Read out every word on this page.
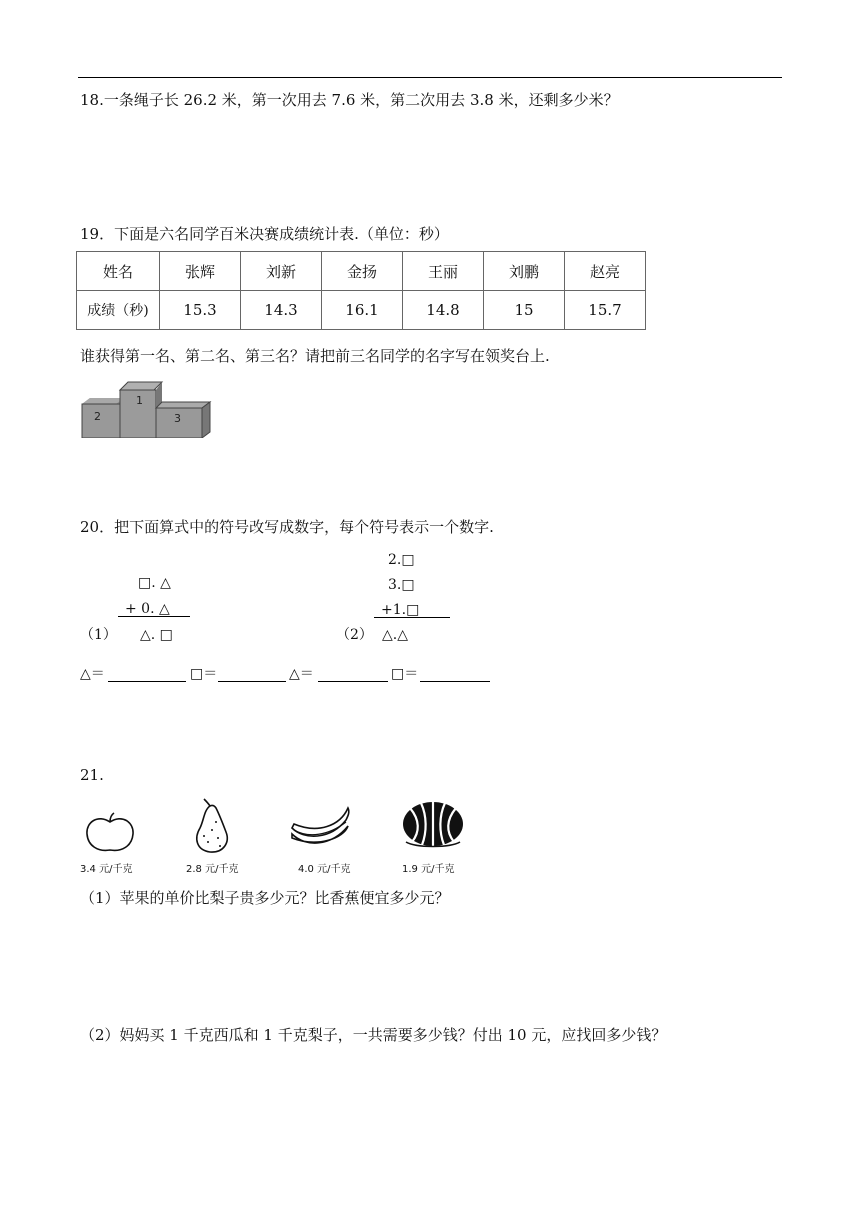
18.一条绳子长 26.2 米，第一次用去 7.6 米，第二次用去 3.8 米，还剩多少米？
19．下面是六名同学百米决赛成绩统计表.（单位：秒）
姓名	张辉	刘新	金扬	王丽	刘鹏	赵亮
成绩（秒)	15.3	14.3	16.1	14.8	15	15.7
谁获得第一名、第二名、第三名？请把前三名同学的名字写在领奖台上.
2
1
3
20．把下面算式中的符号改写成数字，每个符号表示一个数字.
□. △
+ 0. △
（1） △. □
2.□
3.□
+1.□
（2） △.△
△＝	□＝	△＝	□＝
21.
3.4 元/千克	2.8 元/千克	4.0 元/千克	1.9 元/千克
（1）苹果的单价比梨子贵多少元？比香蕉便宜多少元？
（2）妈妈买 1 千克西瓜和 1 千克梨子，一共需要多少钱？付出 10 元，应找回多少钱？
